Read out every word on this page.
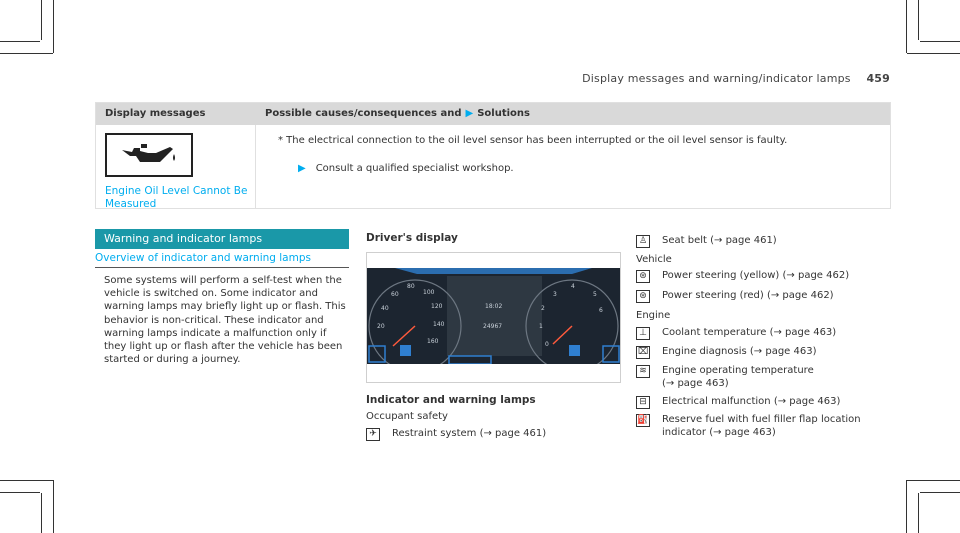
Display messages and warning/indicator lamps 459
Display messages	Possible causes/consequences and ▶ Solutions
Engine Oil Level Cannot Be Measured
* The electrical connection to the oil level sensor has been interrupted or the oil level sensor is faulty.
▶ Consult a qualified specialist workshop.
Warning and indicator lamps
Overview of indicator and warning lamps
Some systems will perform a self-test when the vehicle is switched on. Some indicator and warning lamps may briefly light up or flash. This behavior is non-critical. These indicator and warning lamps indicate a malfunction only if they light up or flash after the vehicle has been started or during a journey.
Driver's display
20
40
60
80
100
120
140
160	0
1
2
3
4
5
6
18:02
24967
Indicator and warning lamps
Occupant safety
✈	Restraint system (→ page 461)
♙ Seat belt (→ page 461)
Vehicle
⊛	Power steering (yellow) (→ page 462)
⊛	Power steering (red) (→ page 462)
Engine
⊥	Coolant temperature (→ page 463)
⌧ Engine diagnosis (→ page 463)
≋	Engine operating temperature
(→ page 463)
⊟	Electrical malfunction (→ page 463)
⛽ Reserve fuel with fuel filler flap location
indicator (→ page 463)
